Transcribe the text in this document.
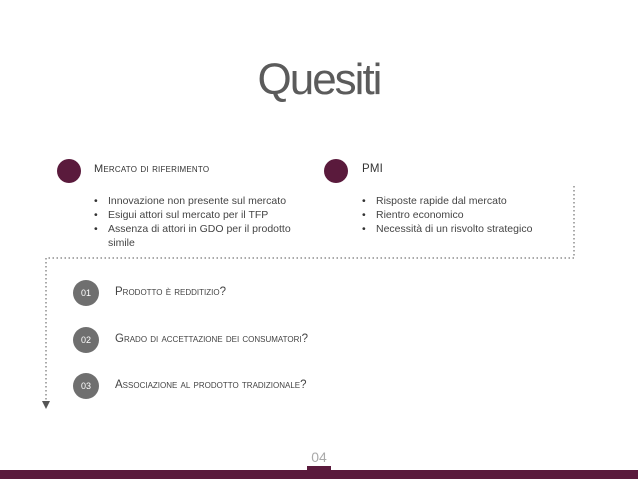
Quesiti
Mercato di riferimento
• Innovazione non presente sul mercato
• Esigui attori sul mercato per il TFP
• Assenza di attori in GDO per il prodotto simile
PMI
• Risposte rapide dal mercato
• Rientro economico
• Necessità di un risvolto strategico
01	Prodotto è redditizio?
02	Grado di accettazione dei consumatori?
03	Associazione al prodotto tradizionale?
04
